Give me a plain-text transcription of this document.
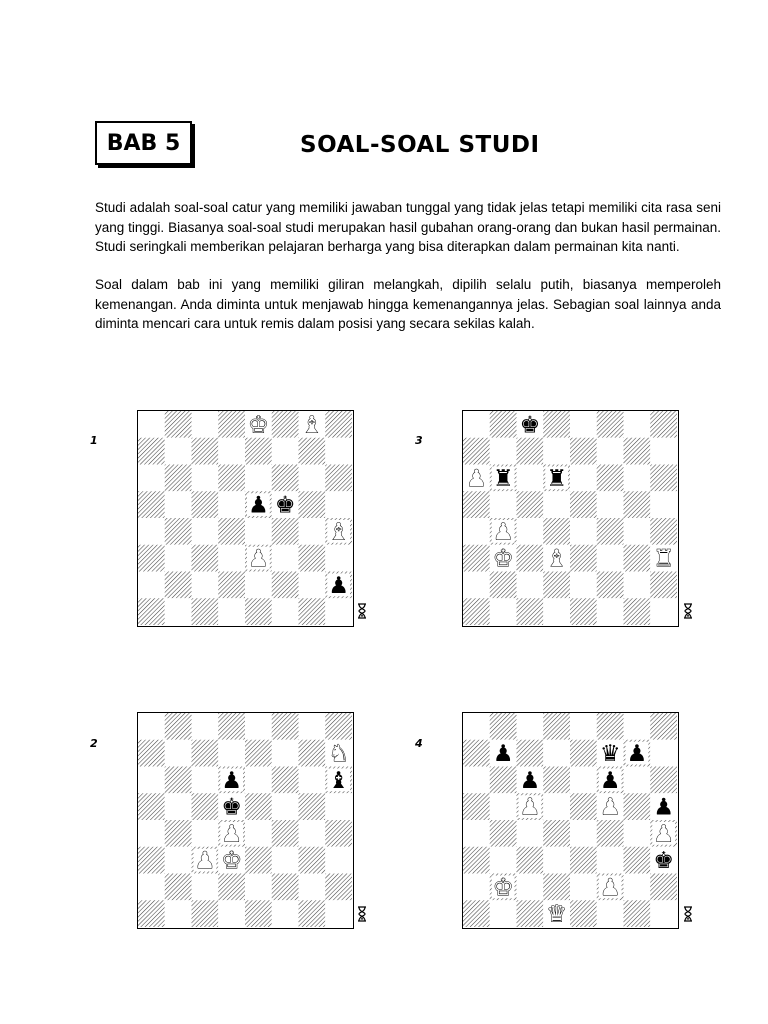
BAB 5	SOAL-SOAL STUDI
Studi adalah soal-soal catur yang memiliki jawaban tunggal yang tidak jelas tetapi memiliki cita rasa seni yang tinggi. Biasanya soal-soal studi merupakan hasil gubahan orang-orang dan bukan hasil permainan. Studi seringkali memberikan pelajaran berharga yang bisa diterapkan dalam permainan kita nanti.
Soal dalam bab ini yang memiliki giliran melangkah, dipilih selalu putih, biasanya memperoleh kemenangan. Anda diminta untuk menjawab hingga kemenangannya jelas. Sebagian soal lainnya anda diminta mencari cara untuk remis dalam posisi yang secara sekilas kalah.
1
♚ ♝
♟ ♚
♝
♟
♟
3
♚
♟ ♜ ♜
♟
♚ ♝	♜
2	♞
♟	♝
♚
♟
♟ ♚
4	♟	♛ ♟
♟	♟
♟	♟ ♟
♟
♚
♚	♟
♛
